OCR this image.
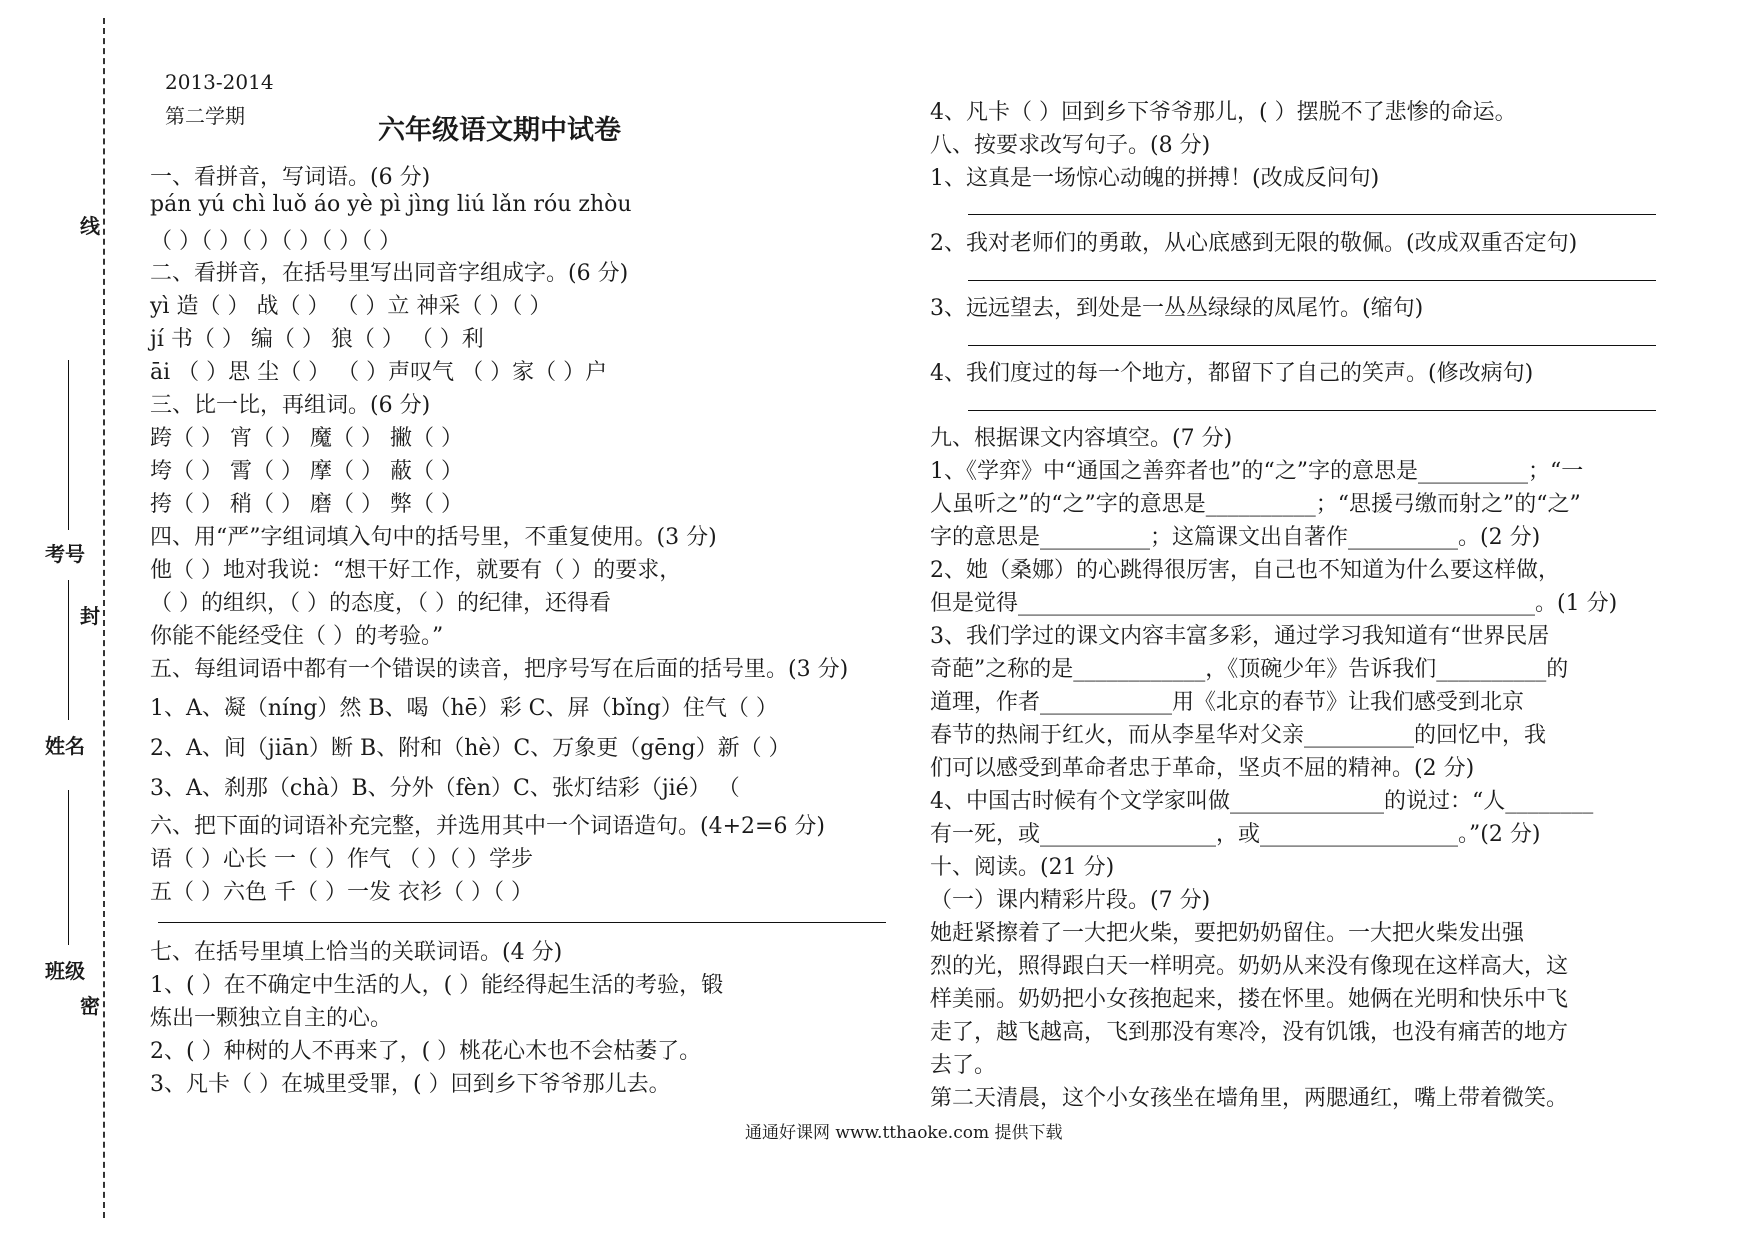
线
封
密
考号
姓名
班级
2013-2014
第二学期	六年级语文期中试卷
一、看拼音，写词语。(6 分)
pán yú chì luǒ áo yè pì jìng liú lǎn róu zhòu
（ ）（ ）（ ）（ ）（ ）（ ）
二、看拼音，在括号里写出同音字组成字。(6 分)
yì 造（ ） 战（ ） （ ）立 神采（ ）（ ）
jí 书（ ） 编（ ） 狼（ ） （ ）利
āi （ ）思 尘（ ） （ ）声叹气 （ ）家（ ）户
三、比一比，再组词。(6 分)
跨（ ） 宵（ ） 魔（ ） 撇（ ）
垮（ ） 霄（ ） 摩（ ） 蔽（ ）
挎（ ） 稍（ ） 磨（ ） 弊（ ）
四、用“严”字组词填入句中的括号里，不重复使用。(3 分)
他（ ）地对我说：“想干好工作，就要有（ ）的要求，
（ ）的组织，（ ）的态度，（ ）的纪律，还得看
你能不能经受住（ ）的考验。”
五、每组词语中都有一个错误的读音，把序号写在后面的括号里。(3 分)
1、A、凝（níng）然 B、喝（hē）彩 C、屏（bǐng）住气（ ）
2、A、间（jiān）断 B、附和（hè）C、万象更（gēng）新（ ）
3、A、刹那（chà）B、分外（fèn）C、张灯结彩（jié） （
六、把下面的词语补充完整，并选用其中一个词语造句。(4+2=6 分)
语（ ）心长 一（ ）作气 （ ）（ ）学步
五（ ）六色 千（ ）一发 衣衫（ ）（ ）
七、在括号里填上恰当的关联词语。(4 分)
1、( ）在不确定中生活的人，( ）能经得起生活的考验，锻
炼出一颗独立自主的心。
2、( ）种树的人不再来了，( ）桃花心木也不会枯萎了。
3、凡卡（ ）在城里受罪，( ）回到乡下爷爷那儿去。
4、凡卡（ ）回到乡下爷爷那儿，( ）摆脱不了悲惨的命运。
八、按要求改写句子。(8 分)
1、这真是一场惊心动魄的拼搏！(改成反问句)
2、我对老师们的勇敢，从心底感到无限的敬佩。(改成双重否定句)
3、远远望去，到处是一丛丛绿绿的凤尾竹。(缩句)
4、我们度过的每一个地方，都留下了自己的笑声。(修改病句)
九、根据课文内容填空。(7 分)
1、《学弈》中“通国之善弈者也”的“之”字的意思是__________；“一
人虽听之”的“之”字的意思是__________；“思援弓缴而射之”的“之”
字的意思是__________；这篇课文出自著作__________。(2 分)
2、她（桑娜）的心跳得很厉害，自己也不知道为什么要这样做，
但是觉得_______________________________________________。(1 分)
3、我们学过的课文内容丰富多彩，通过学习我知道有“世界民居
奇葩”之称的是____________，《顶碗少年》告诉我们__________的
道理，作者____________用《北京的春节》让我们感受到北京
春节的热闹于红火，而从李星华对父亲__________的回忆中，我
们可以感受到革命者忠于革命，坚贞不屈的精神。(2 分)
4、中国古时候有个文学家叫做______________的说过：“人________
有一死，或________________，或__________________。”(2 分)
十、阅读。(21 分)
（一）课内精彩片段。(7 分)
她赶紧擦着了一大把火柴，要把奶奶留住。一大把火柴发出强
烈的光，照得跟白天一样明亮。奶奶从来没有像现在这样高大，这
样美丽。奶奶把小女孩抱起来，搂在怀里。她俩在光明和快乐中飞
走了，越飞越高，飞到那没有寒冷，没有饥饿，也没有痛苦的地方
去了。
第二天清晨，这个小女孩坐在墙角里，两腮通红，嘴上带着微笑。
通通好课网 www.tthaoke.com 提供下载
